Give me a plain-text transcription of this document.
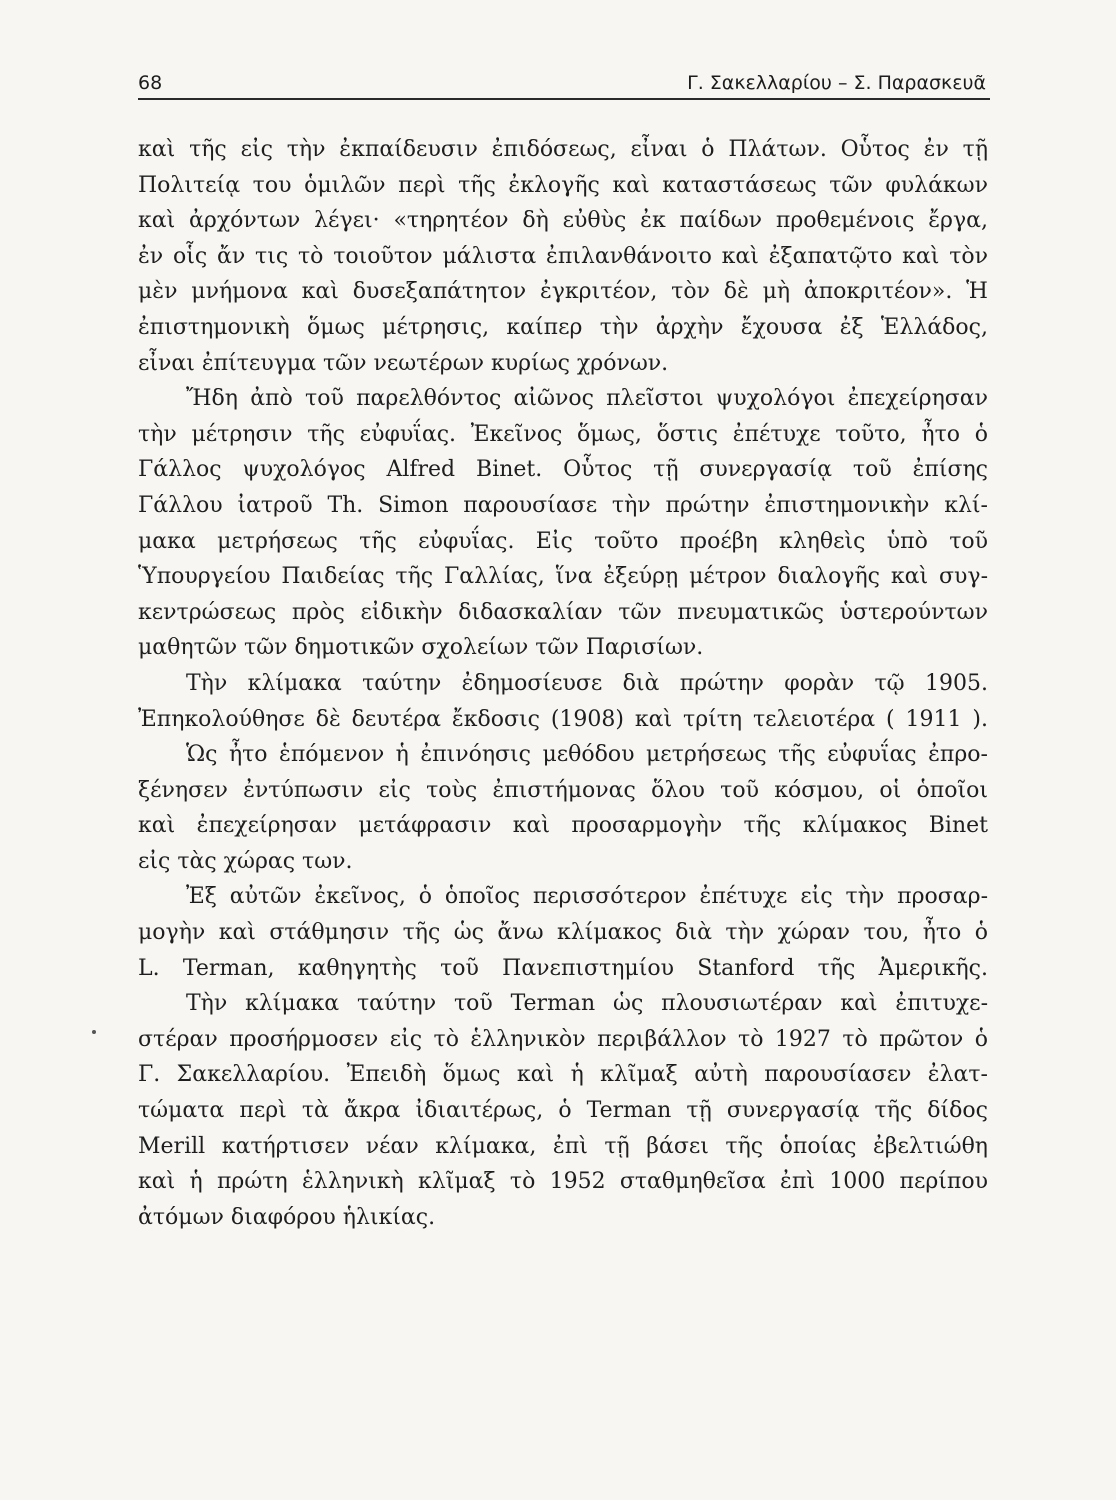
68	Γ. Σακελλαρίου – Σ. Παρασκευᾶ
καὶ τῆς εἰς τὴν ἐκπαίδευσιν ἐπιδόσεως, εἶναι ὁ Πλάτων. Οὗτος ἐν τῇ
Πολιτείᾳ του ὁμιλῶν περὶ τῆς ἐκλογῆς καὶ καταστάσεως τῶν φυλάκων
καὶ ἀρχόντων λέγει· «τηρητέον δὴ εὐθὺς ἐκ παίδων προθεμένοις ἔργα,
ἐν οἷς ἄν τις τὸ τοιοῦτον μάλιστα ἐπιλανθάνοιτο καὶ ἐξαπατῷτο καὶ τὸν
μὲν μνήμονα καὶ δυσεξαπάτητον ἐγκριτέον, τὸν δὲ μὴ ἀποκριτέον». Ἡ
ἐπιστημονικὴ ὅμως μέτρησις, καίπερ τὴν ἀρχὴν ἔχουσα ἐξ Ἑλλάδος,
εἶναι ἐπίτευγμα τῶν νεωτέρων κυρίως χρόνων.
Ἤδη ἀπὸ τοῦ παρελθόντος αἰῶνος πλεῖστοι ψυχολόγοι ἐπεχείρησαν
τὴν μέτρησιν τῆς εὐφυΐας. Ἐκεῖνος ὅμως, ὅστις ἐπέτυχε τοῦτο, ἦτο ὁ
Γάλλος ψυχολόγος Alfred Binet. Οὗτος τῇ συνεργασίᾳ τοῦ ἐπίσης
Γάλλου ἰατροῦ Th. Simon παρουσίασε τὴν πρώτην ἐπιστημονικὴν κλί-
μακα μετρήσεως τῆς εὐφυΐας. Εἰς τοῦτο προέβη κληθεὶς ὑπὸ τοῦ
Ὑπουργείου Παιδείας τῆς Γαλλίας, ἵνα ἐξεύρῃ μέτρον διαλογῆς καὶ συγ-
κεντρώσεως πρὸς εἰδικὴν διδασκαλίαν τῶν πνευματικῶς ὑστερούντων
μαθητῶν τῶν δημοτικῶν σχολείων τῶν Παρισίων.
Τὴν κλίμακα ταύτην ἐδημοσίευσε διὰ πρώτην φορὰν τῷ 1905.
Ἐπηκολούθησε δὲ δευτέρα ἔκδοσις (1908) καὶ τρίτη τελειοτέρα ( 1911 ).
Ὡς ἦτο ἑπόμενον ἡ ἐπινόησις μεθόδου μετρήσεως τῆς εὐφυΐας ἐπρο-
ξένησεν ἐντύπωσιν εἰς τοὺς ἐπιστήμονας ὅλου τοῦ κόσμου, οἱ ὁποῖοι
καὶ ἐπεχείρησαν μετάφρασιν καὶ προσαρμογὴν τῆς κλίμακος Binet
εἰς τὰς χώρας των.
Ἐξ αὐτῶν ἐκεῖνος, ὁ ὁποῖος περισσότερον ἐπέτυχε εἰς τὴν προσαρ-
μογὴν καὶ στάθμησιν τῆς ὡς ἄνω κλίμακος διὰ τὴν χώραν του, ἦτο ὁ
L. Terman, καθηγητὴς τοῦ Πανεπιστημίου Stanford τῆς Ἀμερικῆς.
Τὴν κλίμακα ταύτην τοῦ Terman ὡς πλουσιωτέραν καὶ ἐπιτυχε-
στέραν προσήρμοσεν εἰς τὸ ἑλληνικὸν περιβάλλον τὸ 1927 τὸ πρῶτον ὁ
Γ. Σακελλαρίου. Ἐπειδὴ ὅμως καὶ ἡ κλῖμαξ αὐτὴ παρουσίασεν ἐλατ-
τώματα περὶ τὰ ἄκρα ἰδιαιτέρως, ὁ Terman τῇ συνεργασίᾳ τῆς δίδος
Merill κατήρτισεν νέαν κλίμακα, ἐπὶ τῇ βάσει τῆς ὁποίας ἐβελτιώθη
καὶ ἡ πρώτη ἑλληνικὴ κλῖμαξ τὸ 1952 σταθμηθεῖσα ἐπὶ 1000 περίπου
ἀτόμων διαφόρου ἡλικίας.
